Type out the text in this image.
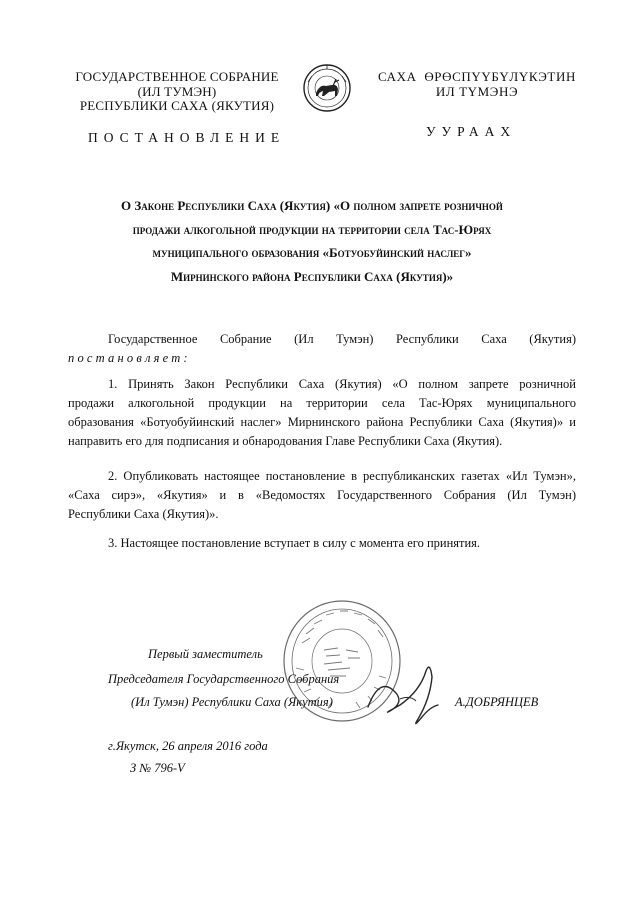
ГОСУДАРСТВЕННОЕ СОБРАНИЕ
(ИЛ ТУМЭН)
РЕСПУБЛИКИ САХА (ЯКУТИЯ)
САХА  ӨРӨСПҮҮБҮЛҮКЭТИН
ИЛ ТҮМЭНЭ
ПОСТАНОВЛЕНИЕ	УУРААХ
О Законе Республики Саха (Якутия) «О полном запрете розничной
продажи алкогольной продукции на территории села Тас-Юрях
муниципального образования «Ботуобуйинский наслег»
Мирнинского района Республики Саха (Якутия)»
Государственное Собрание (Ил Тумэн) Республики Саха (Якутия)
постановляет:
1. Принять Закон Республики Саха (Якутия) «О полном запрете розничной
продажи алкогольной продукции на территории села Тас-Юрях муниципального
образования «Ботуобуйинский наслег» Мирнинского района Республики Саха (Якутия)» и
направить его для подписания и обнародования Главе Республики Саха (Якутия).
2. Опубликовать настоящее постановление в республиканских газетах «Ил Тумэн»,
«Саха сирэ», «Якутия» и в «Ведомостях Государственного Собрания (Ил Тумэн)
Республики Саха (Якутия)».
3. Настоящее постановление вступает в силу с момента его принятия.
Первый заместитель
Председателя Государственного Собрания
(Ил Тумэн) Республики Саха (Якутия)	А.ДОБРЯНЦЕВ
г.Якутск, 26 апреля 2016 года
З № 796-V
